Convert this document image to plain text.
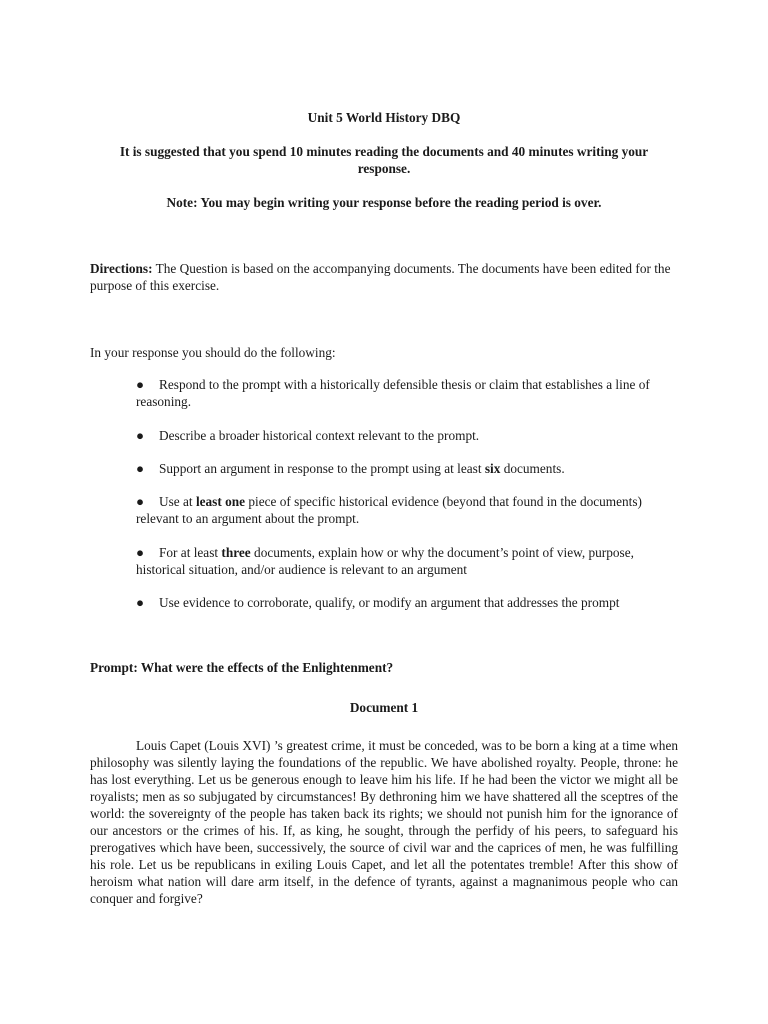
Unit 5 World History DBQ
It is suggested that you spend 10 minutes reading the documents and 40 minutes writing your response.
Note: You may begin writing your response before the reading period is over.
Directions: The Question is based on the accompanying documents. The documents have been edited for the purpose of this exercise.
In your response you should do the following:
● Respond to the prompt with a historically defensible thesis or claim that establishes a line of reasoning.
● Describe a broader historical context relevant to the prompt.
● Support an argument in response to the prompt using at least six documents.
● Use at least one piece of specific historical evidence (beyond that found in the documents) relevant to an argument about the prompt.
● For at least three documents, explain how or why the document’s point of view, purpose, historical situation, and/or audience is relevant to an argument
● Use evidence to corroborate, qualify, or modify an argument that addresses the prompt
Prompt: What were the effects of the Enlightenment?
Document 1
Louis Capet (Louis XVI) ’s greatest crime, it must be conceded, was to be born a king at a time when philosophy was silently laying the foundations of the republic. We have abolished royalty. People, throne: he has lost everything. Let us be generous enough to leave him his life. If he had been the victor we might all be royalists; men as so subjugated by circumstances! By dethroning him we have shattered all the sceptres of the world: the sovereignty of the people has taken back its rights; we should not punish him for the ignorance of our ancestors or the crimes of his. If, as king, he sought, through the perfidy of his peers, to safeguard his prerogatives which have been, successively, the source of civil war and the caprices of men, he was fulfilling his role. Let us be republicans in exiling Louis Capet, and let all the potentates tremble! After this show of heroism what nation will dare arm itself, in the defence of tyrants, against a magnanimous people who can conquer and forgive?
